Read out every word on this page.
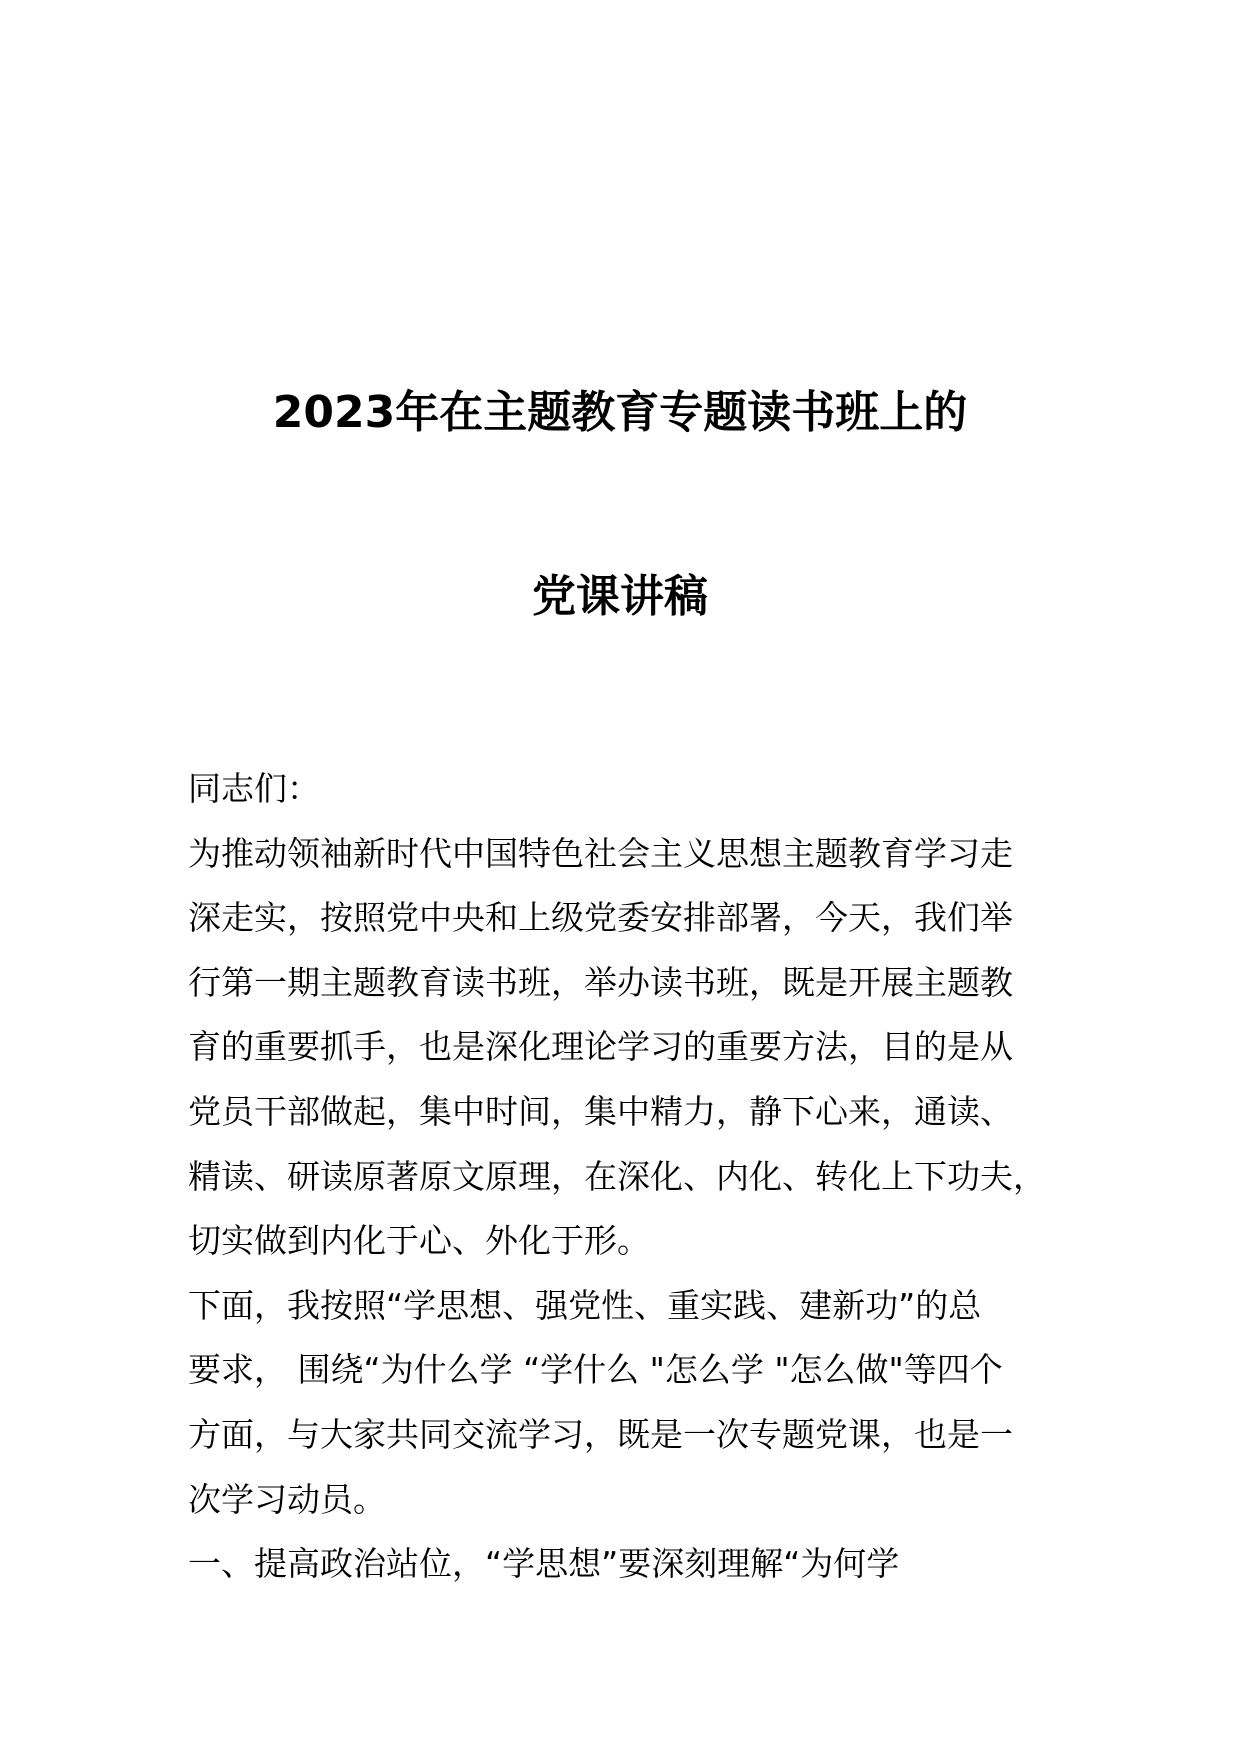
2023年在主题教育专题读书班上的
党课讲稿
同志们：
为推动领袖新时代中国特色社会主义思想主题教育学习走
深走实，按照党中央和上级党委安排部署，今天，我们举
行第一期主题教育读书班，举办读书班，既是开展主题教
育的重要抓手，也是深化理论学习的重要方法，目的是从
党员干部做起，集中时间，集中精力，静下心来，通读、
精读、研读原著原文原理，在深化、内化、转化上下功夫，
切实做到内化于心、外化于形。
下面，我按照“学思想、强党性、重实践、建新功”的总
要求， 围绕“为什么学 “学什么 "怎么学 "怎么做"等四个
方面，与大家共同交流学习，既是一次专题党课，也是一
次学习动员。
一、提高政治站位，“学思想”要深刻理解“为何学
